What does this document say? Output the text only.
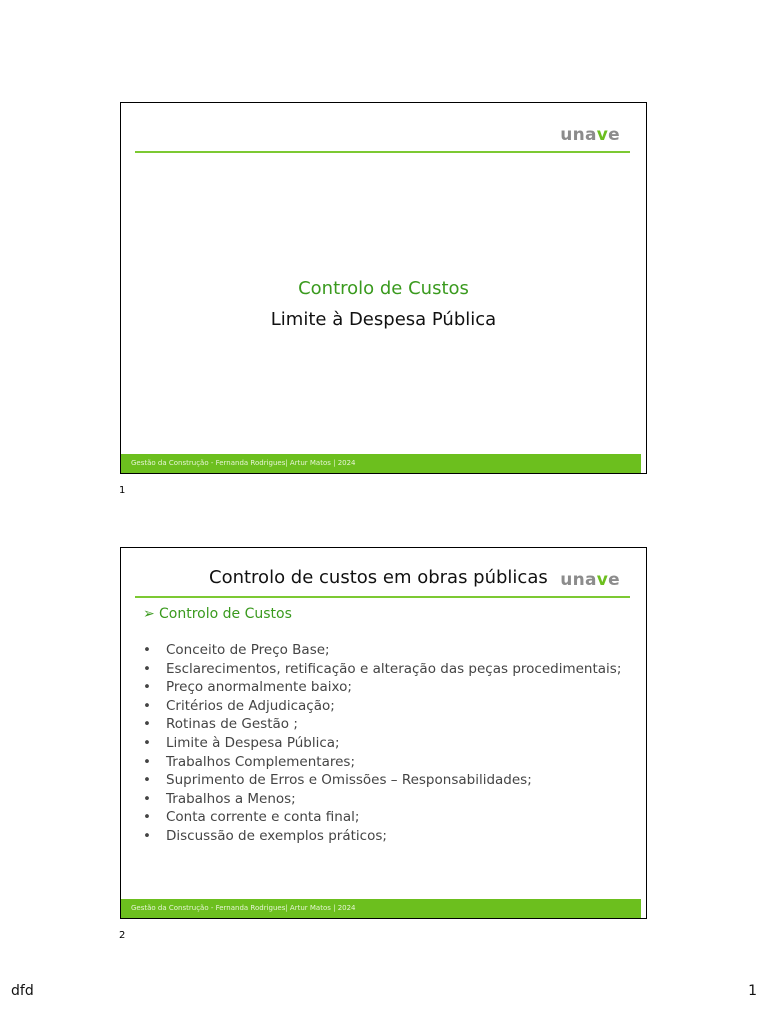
unave
Controlo de Custos
Limite à Despesa Pública
Gestão da Construção - Fernanda Rodrigues| Artur Matos | 2024
1
Controlo de custos em obras públicas unave
➢ Controlo de Custos
• Conceito de Preço Base;
• Esclarecimentos, retificação e alteração das peças procedimentais;
• Preço anormalmente baixo;
• Critérios de Adjudicação;
• Rotinas de Gestão ;
• Limite à Despesa Pública;
• Trabalhos Complementares;
• Suprimento de Erros e Omissões – Responsabilidades;
• Trabalhos a Menos;
• Conta corrente e conta final;
• Discussão de exemplos práticos;
Gestão da Construção - Fernanda Rodrigues| Artur Matos | 2024
2
dfd	1
